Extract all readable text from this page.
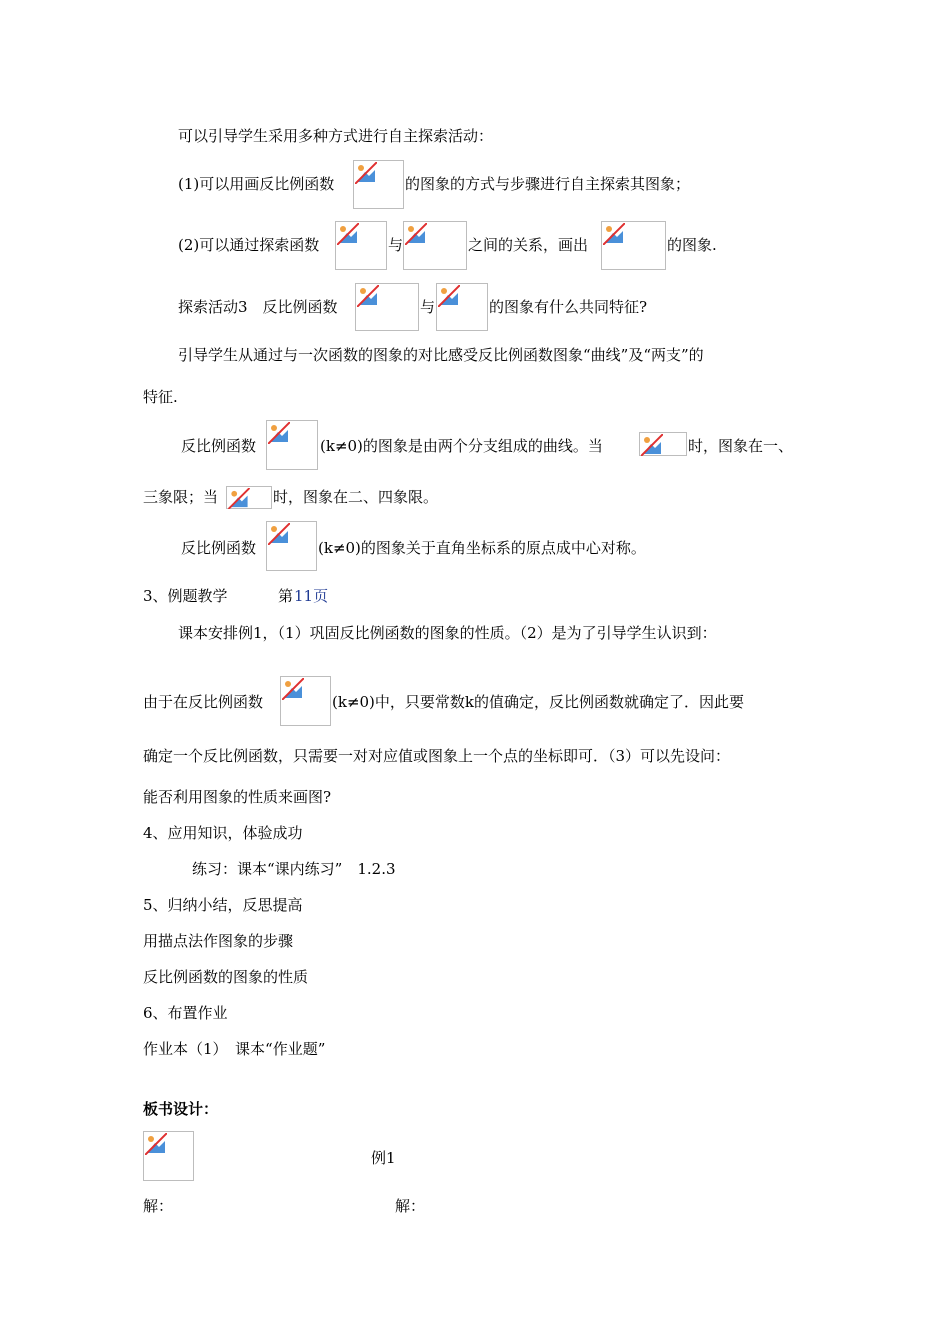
可以引导学生采用多种方式进行自主探索活动：
(1)可以用画反比例函数	的图象的方式与步骤进行自主探索其图象；
(2)可以通过探索函数	与	之间的关系，画出	的图象.
探索活动3　反比例函数	与	的图象有什么共同特征?
引导学生从通过与一次函数的图象的对比感受反比例函数图象“曲线”及“两支”的
特征.
反比例函数	(k≠0)的图象是由两个分支组成的曲线。当	时，图象在一、
三象限；当	时，图象在二、四象限。
反比例函数	(k≠0)的图象关于直角坐标系的原点成中心对称。
3、例题教学	第 11页
课本安排例1，（1）巩固反比例函数的图象的性质。（2）是为了引导学生认识到：
由于在反比例函数	(k≠0)中，只要常数k的值确定，反比例函数就确定了．因此要
确定一个反比例函数，只需要一对对应值或图象上一个点的坐标即可．（3）可以先设问：
能否利用图象的性质来画图?
4、应用知识，体验成功
练习：课本“课内练习”　1.2.3
5、归纳小结，反思提高
用描点法作图象的步骤
反比例函数的图象的性质
6、布置作业
作业本（1）　课本“作业题”
板书设计：
例1
解：	解：
